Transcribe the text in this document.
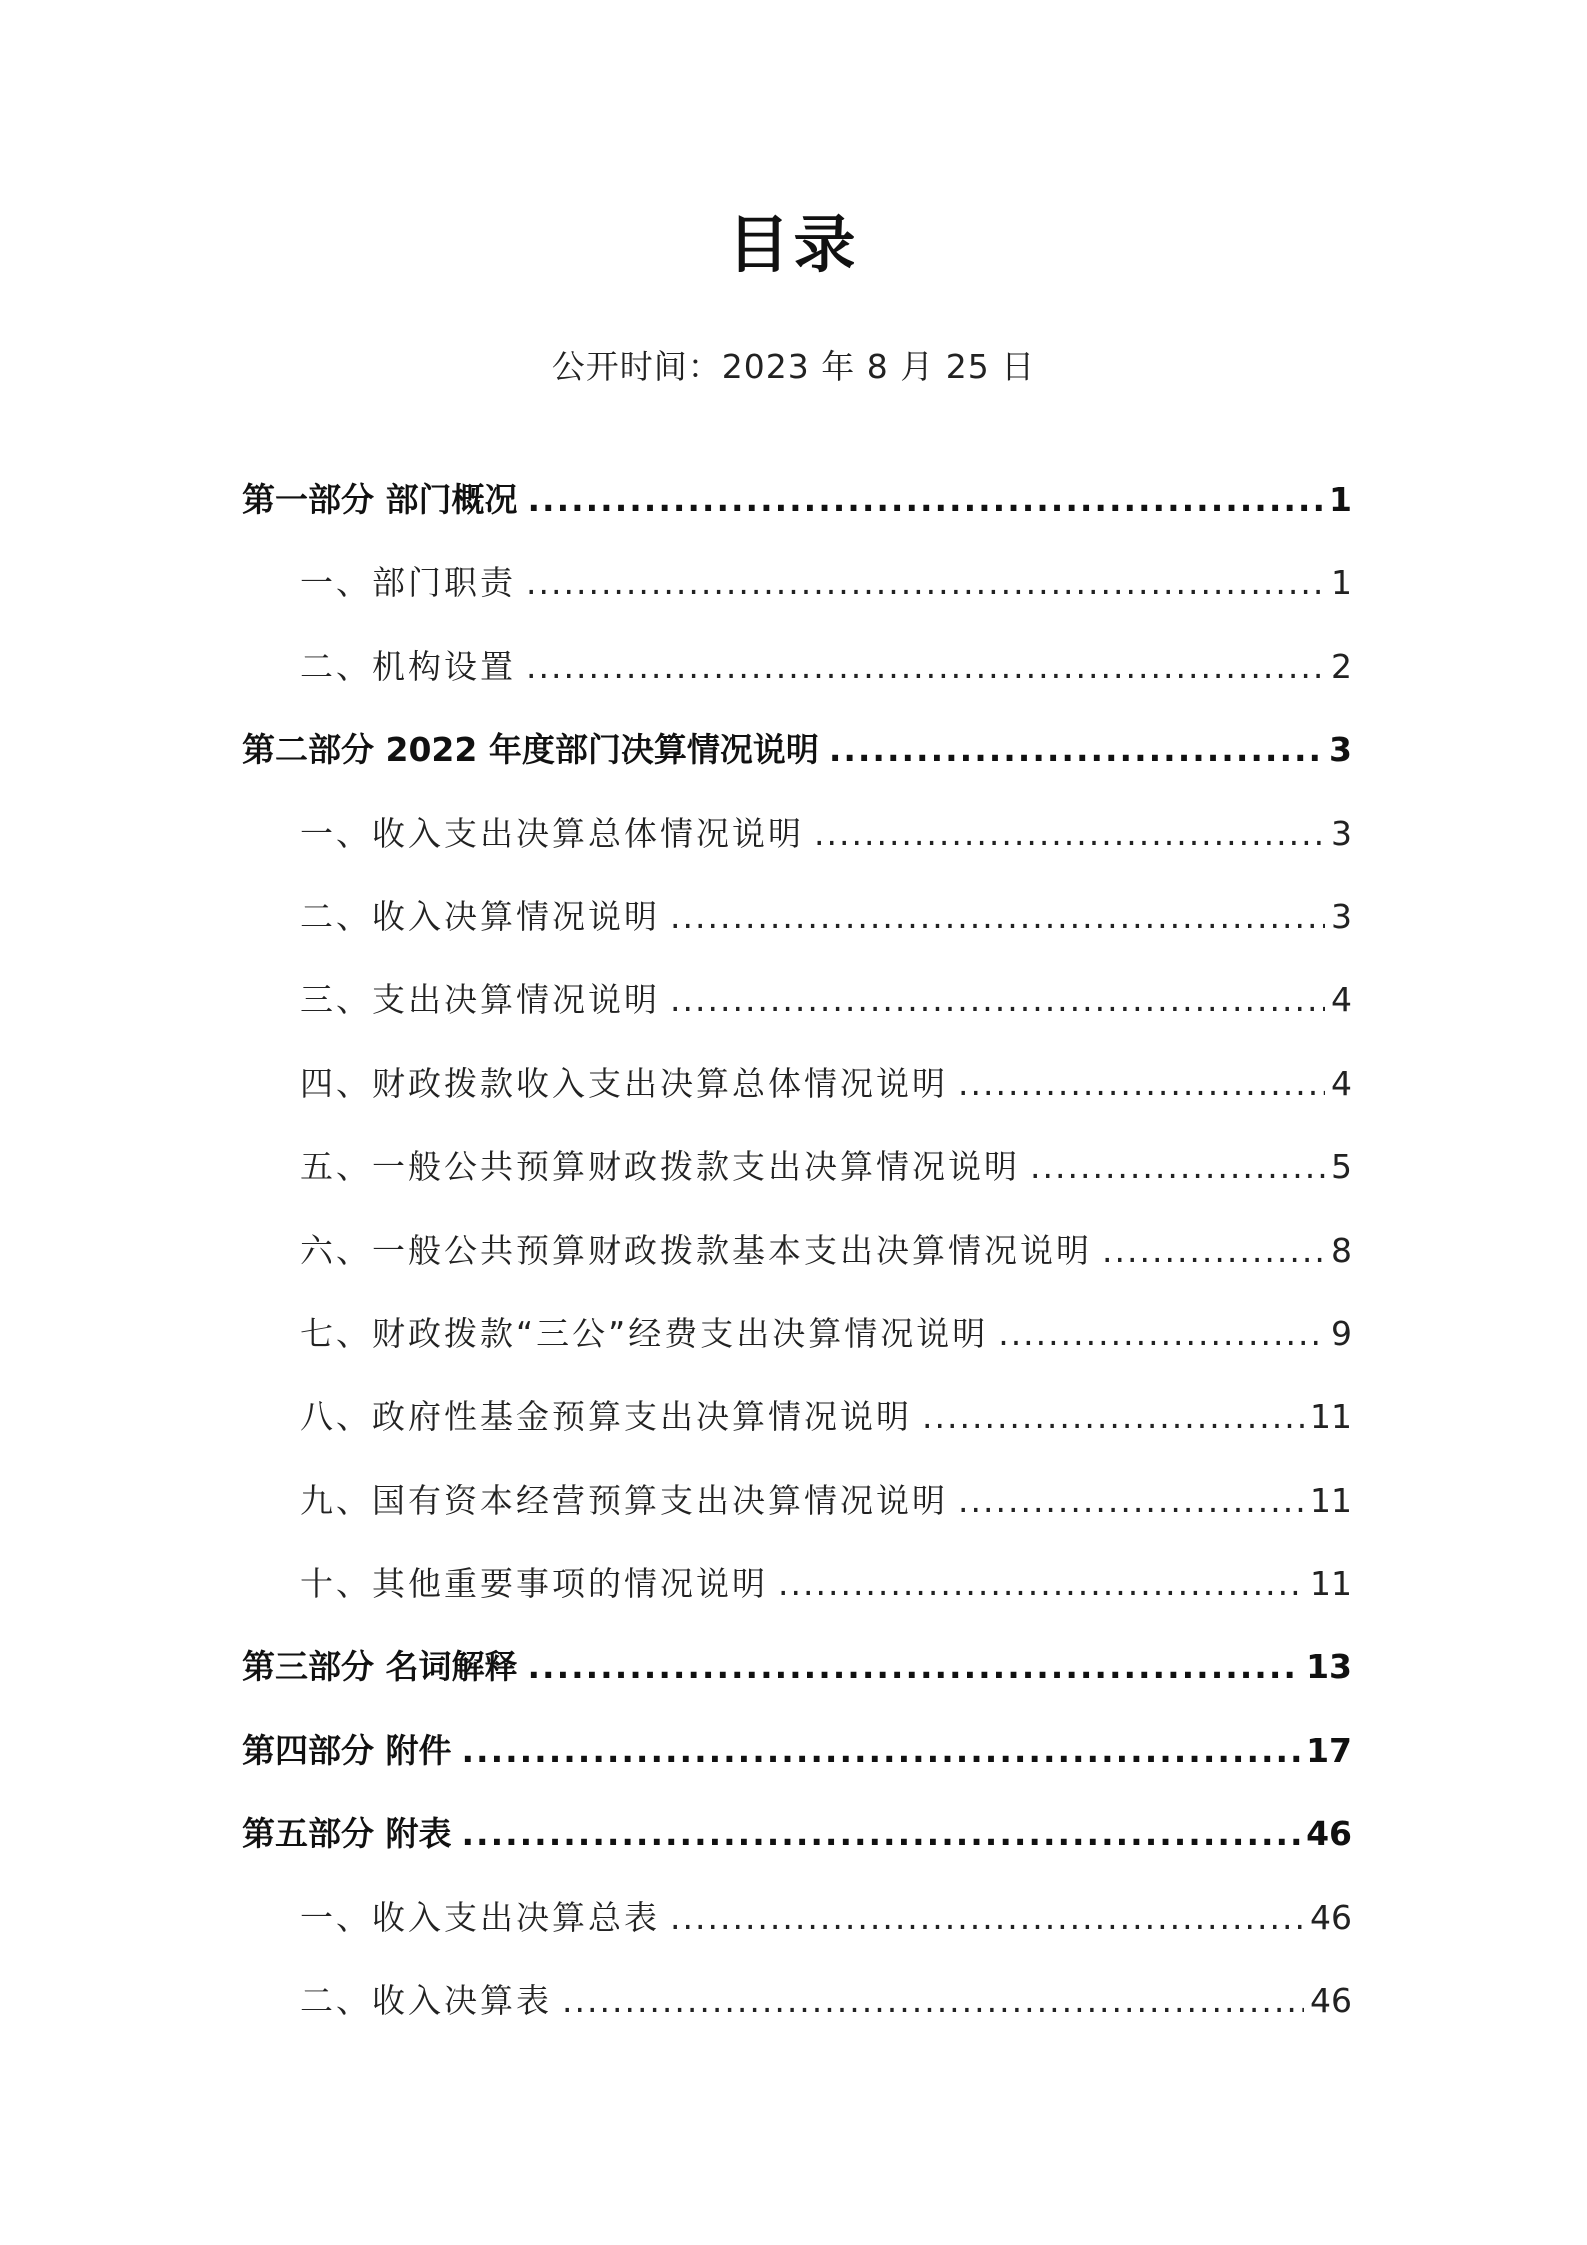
目录
公开时间：2023 年 8 月 25 日
第一部分 部门概况 .....	1
一、部门职责 .....	1
二、机构设置 .....	2
第二部分 2022 年度部门决算情况说明 .....	3
一、收入支出决算总体情况说明 .....	3
二、收入决算情况说明 .....	3
三、支出决算情况说明 .....	4
四、财政拨款收入支出决算总体情况说明 .....	4
五、一般公共预算财政拨款支出决算情况说明 .....	5
六、一般公共预算财政拨款基本支出决算情况说明 .....	8
七、财政拨款“三公”经费支出决算情况说明 .....	9
八、政府性基金预算支出决算情况说明 .....	11
九、国有资本经营预算支出决算情况说明 .....	11
十、其他重要事项的情况说明 .....	11
第三部分 名词解释 .....	13
第四部分 附件 .....	17
第五部分 附表 .....	46
一、收入支出决算总表 .....	46
二、收入决算表 .....	46
